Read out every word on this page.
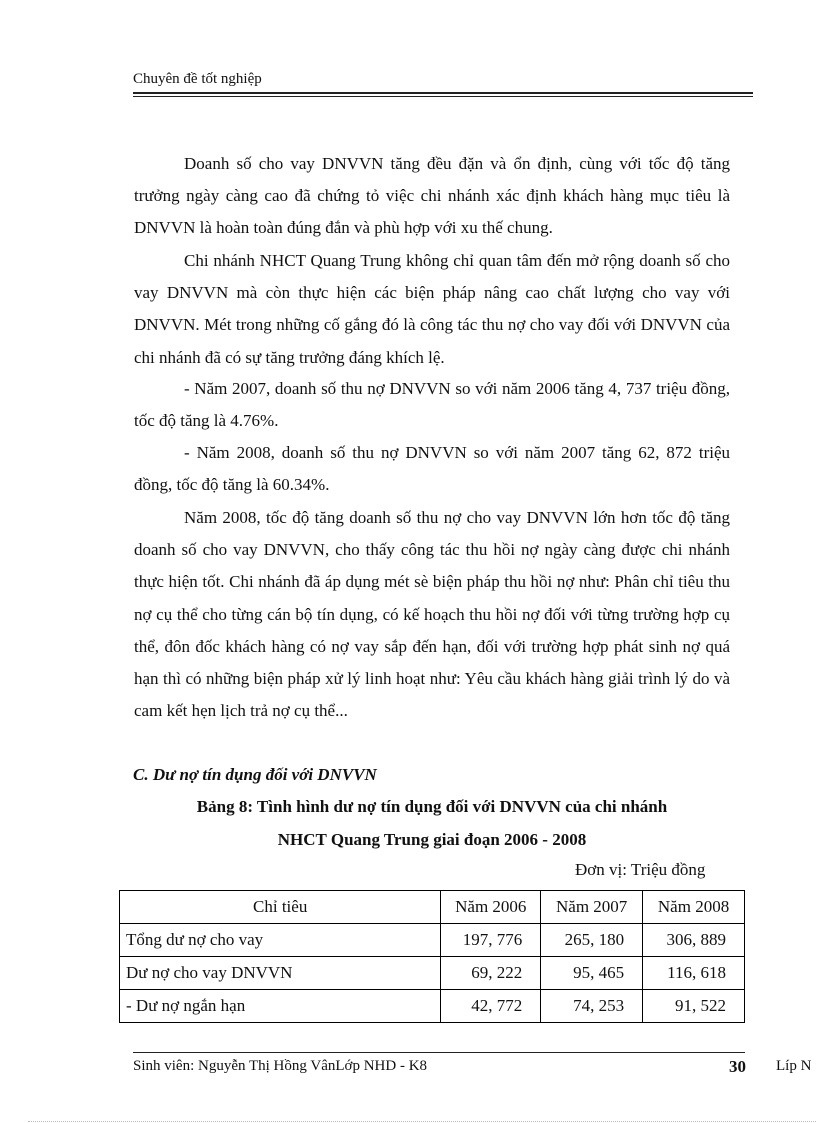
Chuyên đề tốt nghiệp

Doanh số cho vay DNVVN tăng đều đặn và ổn định, cùng với tốc độ tăng trưởng ngày càng cao đã chứng tỏ việc chi nhánh xác định khách hàng mục tiêu là DNVVN là hoàn toàn đúng đắn và phù hợp với xu thế chung.

Chi nhánh NHCT Quang Trung không chỉ quan tâm đến mở rộng doanh số cho vay DNVVN mà còn thực hiện các biện pháp nâng cao chất lượng cho vay với DNVVN. Mét trong những cố gắng đó là công tác thu nợ cho vay đối với DNVVN của chi nhánh đã có sự tăng trưởng đáng khích lệ.

- Năm 2007, doanh số thu nợ DNVVN so với năm 2006 tăng 4, 737 triệu đồng, tốc độ tăng là 4.76%.

- Năm 2008, doanh số thu nợ DNVVN so với năm 2007 tăng 62, 872 triệu đồng, tốc độ tăng là 60.34%.

Năm 2008, tốc độ tăng doanh số thu nợ cho vay DNVVN lớn hơn tốc độ tăng doanh số cho vay DNVVN, cho thấy công tác thu hồi nợ ngày càng được chi nhánh thực hiện tốt. Chi nhánh đã áp dụng mét sè biện pháp thu hồi nợ như: Phân chỉ tiêu thu nợ cụ thể cho từng cán bộ tín dụng, có kế hoạch thu hồi nợ đối với từng trường hợp cụ thể, đôn đốc khách hàng có nợ vay sắp đến hạn, đối với trường hợp phát sinh nợ quá hạn thì có những biện pháp xử lý linh hoạt như: Yêu cầu khách hàng giải trình lý do và cam kết hẹn lịch trả nợ cụ thể...

C. Dư nợ tín dụng đối với DNVVN
Bảng 8: Tình hình dư nợ tín dụng đối với DNVVN của chi nhánh
NHCT Quang Trung giai đoạn 2006 - 2008
Đơn vị: Triệu đồng
Chỉ tiêu	Năm 2006	Năm 2007	Năm 2008
Tổng dư nợ cho vay	197, 776	265, 180	306, 889
Dư nợ cho vay DNVVN	69, 222	95, 465	116, 618
- Dư nợ ngắn hạn	42, 772	74, 253	91, 522
Sinh viên: Nguyễn Thị Hồng VânLớp NHD - K8	30 Líp N
